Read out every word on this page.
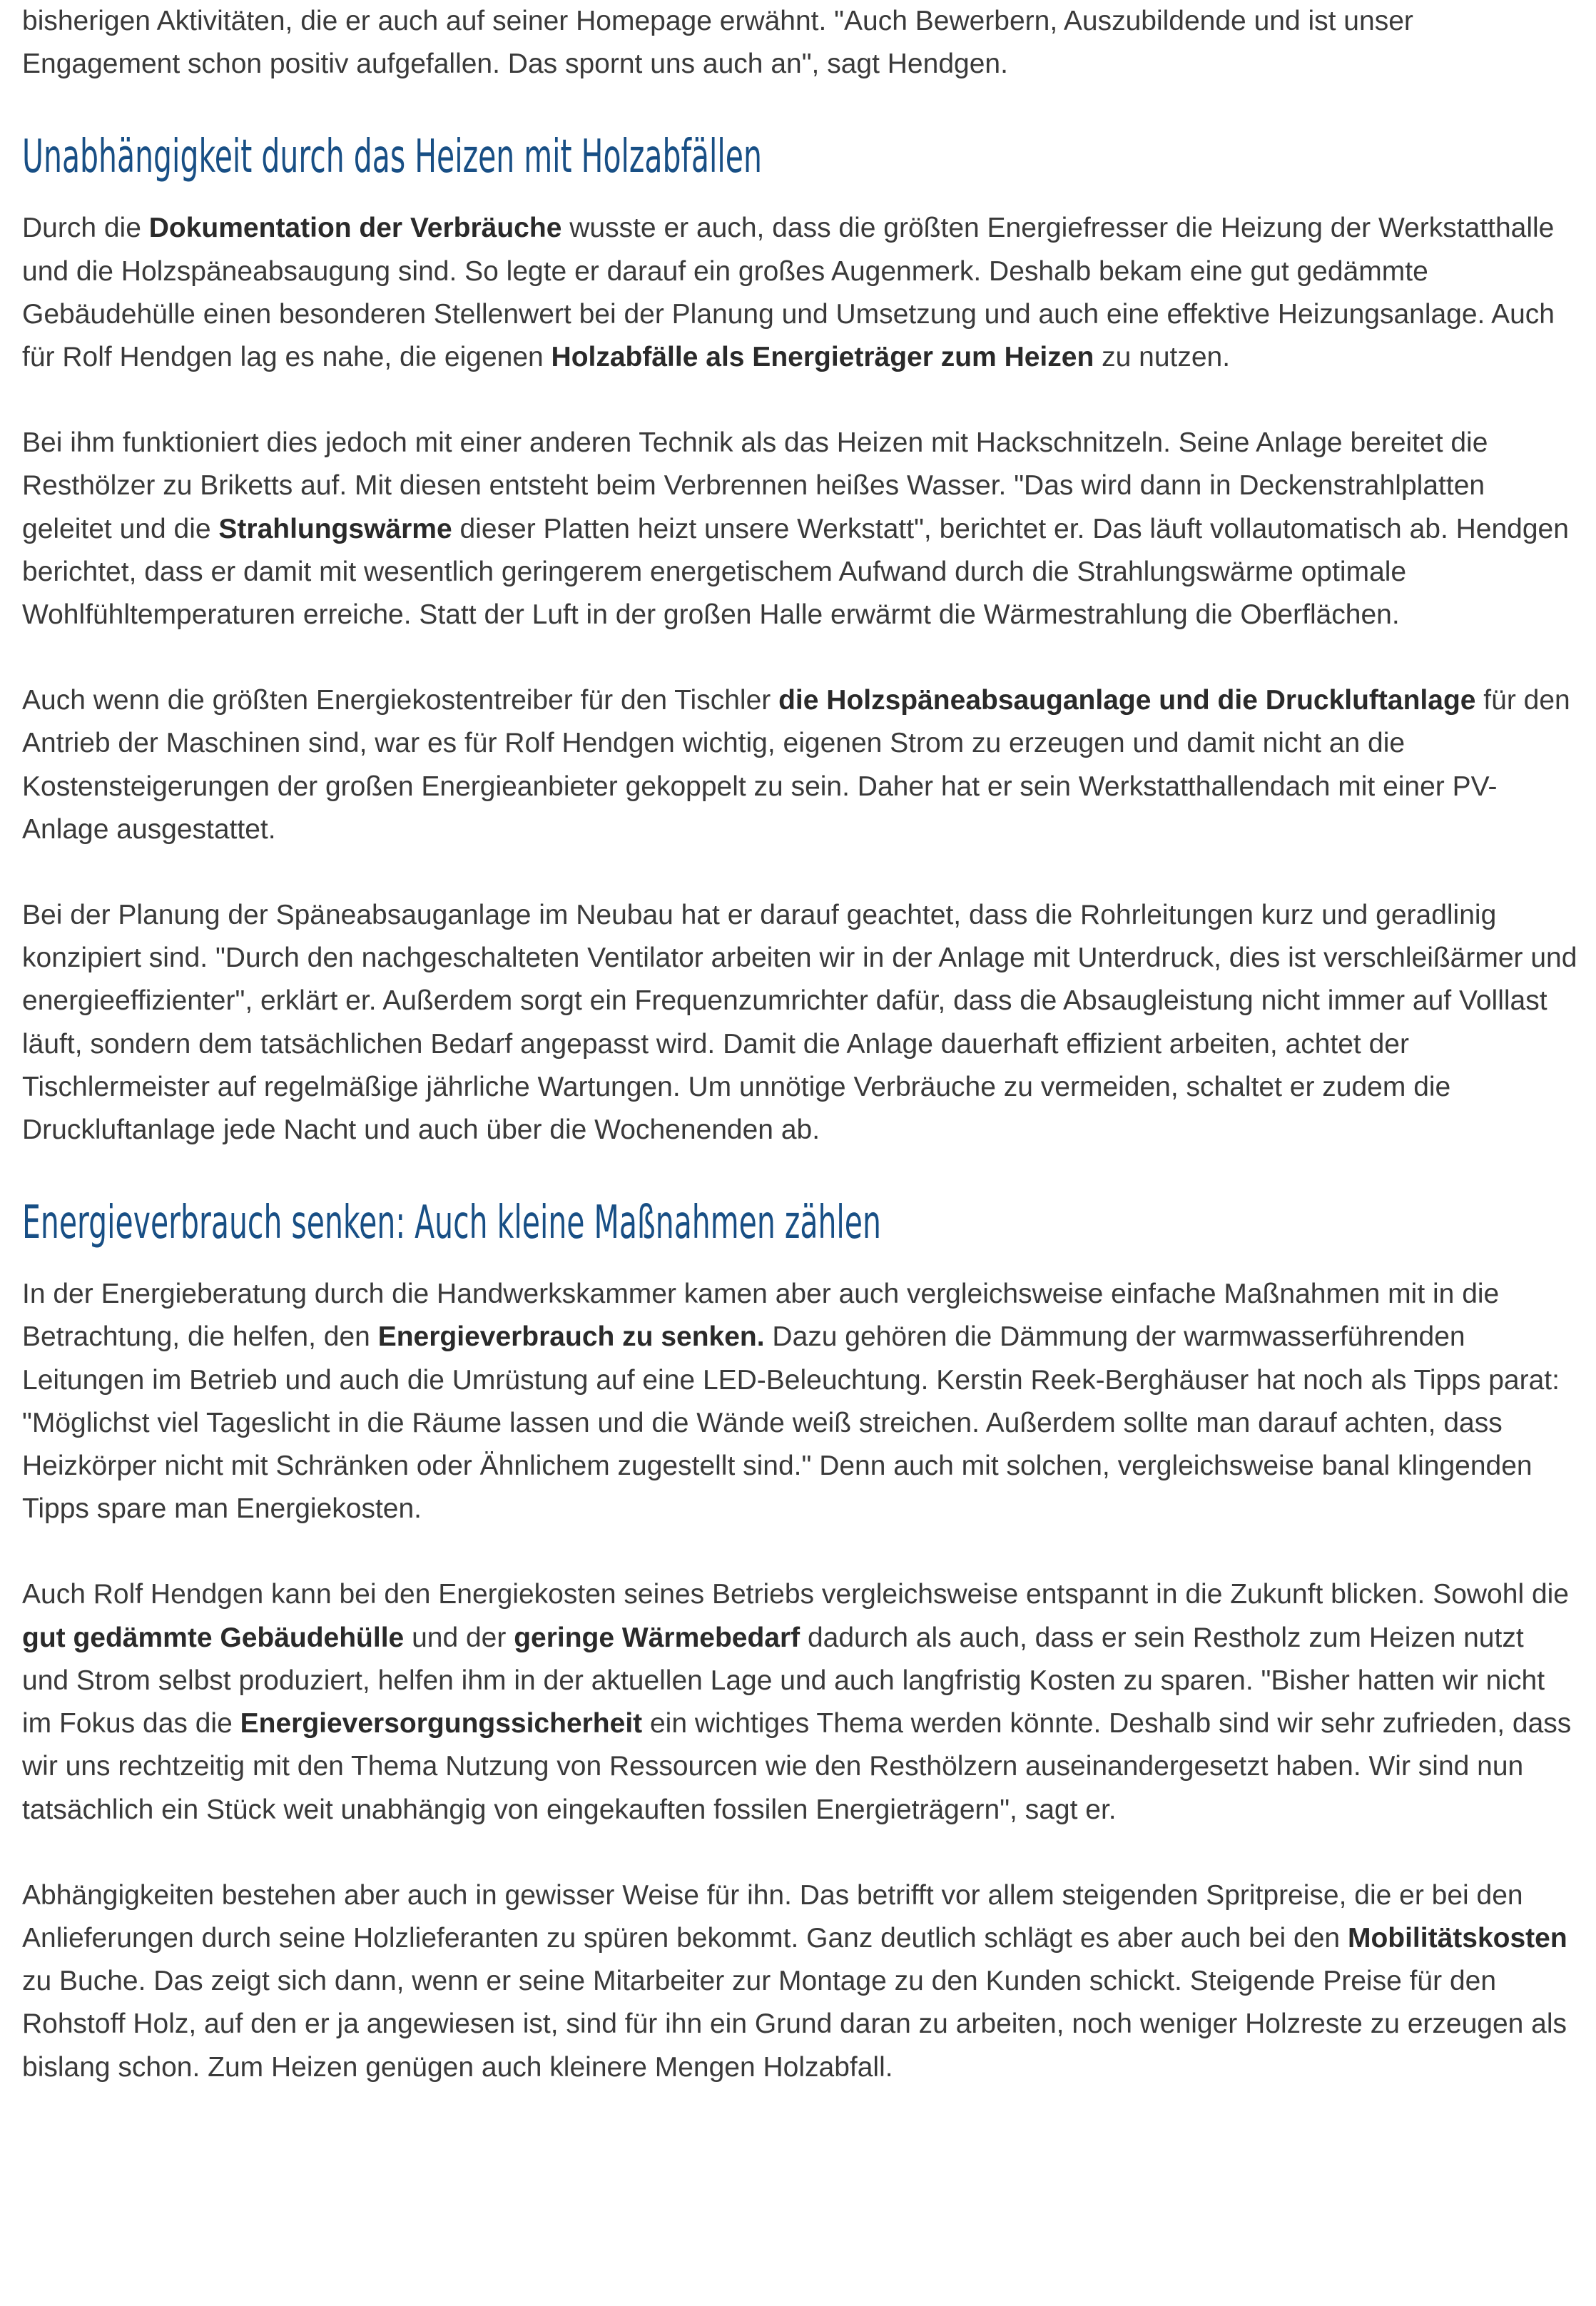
bisherigen Aktivitäten, die er auch auf seiner Homepage erwähnt. "Auch Bewerbern, Auszubildende und ist unser Engagement schon positiv aufgefallen. Das spornt uns auch an", sagt Hendgen.

Unabhängigkeit durch das Heizen mit Holzabfällen

Durch die Dokumentation der Verbräuche wusste er auch, dass die größten Energiefresser die Heizung der Werkstatthalle und die Holzspäneabsaugung sind. So legte er darauf ein großes Augenmerk. Deshalb bekam eine gut gedämmte Gebäudehülle einen besonderen Stellenwert bei der Planung und Umsetzung und auch eine effektive Heizungsanlage. Auch für Rolf Hendgen lag es nahe, die eigenen Holzabfälle als Energieträger zum Heizen zu nutzen.

Bei ihm funktioniert dies jedoch mit einer anderen Technik als das Heizen mit Hackschnitzeln. Seine Anlage bereitet die Resthölzer zu Briketts auf. Mit diesen entsteht beim Verbrennen heißes Wasser. "Das wird dann in Deckenstrahlplatten geleitet und die Strahlungswärme dieser Platten heizt unsere Werkstatt", berichtet er. Das läuft vollautomatisch ab. Hendgen berichtet, dass er damit mit wesentlich geringerem energetischem Aufwand durch die Strahlungswärme optimale Wohlfühltemperaturen erreiche. Statt der Luft in der großen Halle erwärmt die Wärmestrahlung die Oberflächen.

Auch wenn die größten Energiekostentreiber für den Tischler die Holzspäneabsauganlage und die Druckluftanlage für den Antrieb der Maschinen sind, war es für Rolf Hendgen wichtig, eigenen Strom zu erzeugen und damit nicht an die Kostensteigerungen der großen Energieanbieter gekoppelt zu sein. Daher hat er sein Werkstatthallendach mit einer PV-Anlage ausgestattet.

Bei der Planung der Späneabsauganlage im Neubau hat er darauf geachtet, dass die Rohrleitungen kurz und geradlinig konzipiert sind. "Durch den nachgeschalteten Ventilator arbeiten wir in der Anlage mit Unterdruck, dies ist verschleißärmer und energieeffizienter", erklärt er. Außerdem sorgt ein Frequenzumrichter dafür, dass die Absaugleistung nicht immer auf Volllast läuft, sondern dem tatsächlichen Bedarf angepasst wird. Damit die Anlage dauerhaft effizient arbeiten, achtet der Tischlermeister auf regelmäßige jährliche Wartungen. Um unnötige Verbräuche zu vermeiden, schaltet er zudem die Druckluftanlage jede Nacht und auch über die Wochenenden ab.

Energieverbrauch senken: Auch kleine Maßnahmen zählen

In der Energieberatung durch die Handwerkskammer kamen aber auch vergleichsweise einfache Maßnahmen mit in die Betrachtung, die helfen, den Energieverbrauch zu senken. Dazu gehören die Dämmung der warmwasserführenden Leitungen im Betrieb und auch die Umrüstung auf eine LED-Beleuchtung. Kerstin Reek-Berghäuser hat noch als Tipps parat: "Möglichst viel Tageslicht in die Räume lassen und die Wände weiß streichen. Außerdem sollte man darauf achten, dass Heizkörper nicht mit Schränken oder Ähnlichem zugestellt sind." Denn auch mit solchen, vergleichsweise banal klingenden Tipps spare man Energiekosten.

Auch Rolf Hendgen kann bei den Energiekosten seines Betriebs vergleichsweise entspannt in die Zukunft blicken. Sowohl die gut gedämmte Gebäudehülle und der geringe Wärmebedarf dadurch als auch, dass er sein Restholz zum Heizen nutzt und Strom selbst produziert, helfen ihm in der aktuellen Lage und auch langfristig Kosten zu sparen. "Bisher hatten wir nicht im Fokus das die Energieversorgungssicherheit ein wichtiges Thema werden könnte. Deshalb sind wir sehr zufrieden, dass wir uns rechtzeitig mit den Thema Nutzung von Ressourcen wie den Resthölzern auseinandergesetzt haben. Wir sind nun tatsächlich ein Stück weit unabhängig von eingekauften fossilen Energieträgern", sagt er.

Abhängigkeiten bestehen aber auch in gewisser Weise für ihn. Das betrifft vor allem steigenden Spritpreise, die er bei den Anlieferungen durch seine Holzlieferanten zu spüren bekommt. Ganz deutlich schlägt es aber auch bei den Mobilitätskosten zu Buche. Das zeigt sich dann, wenn er seine Mitarbeiter zur Montage zu den Kunden schickt. Steigende Preise für den Rohstoff Holz, auf den er ja angewiesen ist, sind für ihn ein Grund daran zu arbeiten, noch weniger Holzreste zu erzeugen als bislang schon. Zum Heizen genügen auch kleinere Mengen Holzabfall.
